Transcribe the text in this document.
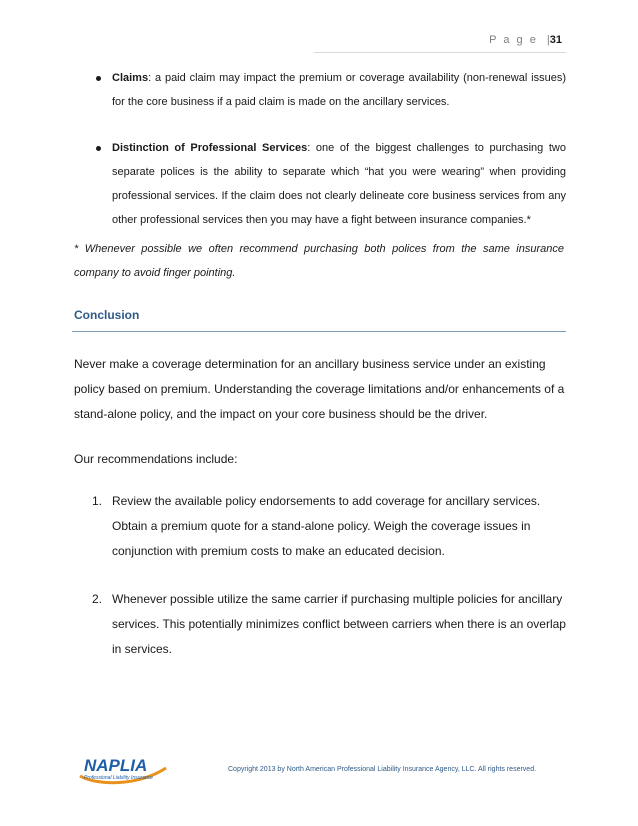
P a g e |31
Claims: a paid claim may impact the premium or coverage availability (non-renewal issues) for the core business if a paid claim is made on the ancillary services.
Distinction of Professional Services: one of the biggest challenges to purchasing two separate polices is the ability to separate which “hat you were wearing” when providing professional services. If the claim does not clearly delineate core business services from any other professional services then you may have a fight between insurance companies.*
* Whenever possible we often recommend purchasing both polices from the same insurance company to avoid finger pointing.
Conclusion
Never make a coverage determination for an ancillary business service under an existing policy based on premium. Understanding the coverage limitations and/or enhancements of a stand-alone policy, and the impact on your core business should be the driver.
Our recommendations include:
1. Review the available policy endorsements to add coverage for ancillary services. Obtain a premium quote for a stand-alone policy. Weigh the coverage issues in conjunction with premium costs to make an educated decision.
2. Whenever possible utilize the same carrier if purchasing multiple policies for ancillary services. This potentially minimizes conflict between carriers when there is an overlap in services.
NAPLIA
Professional Liability Insurance
Copyright 2013 by North American Professional Liability Insurance Agency, LLC. All rights reserved.
